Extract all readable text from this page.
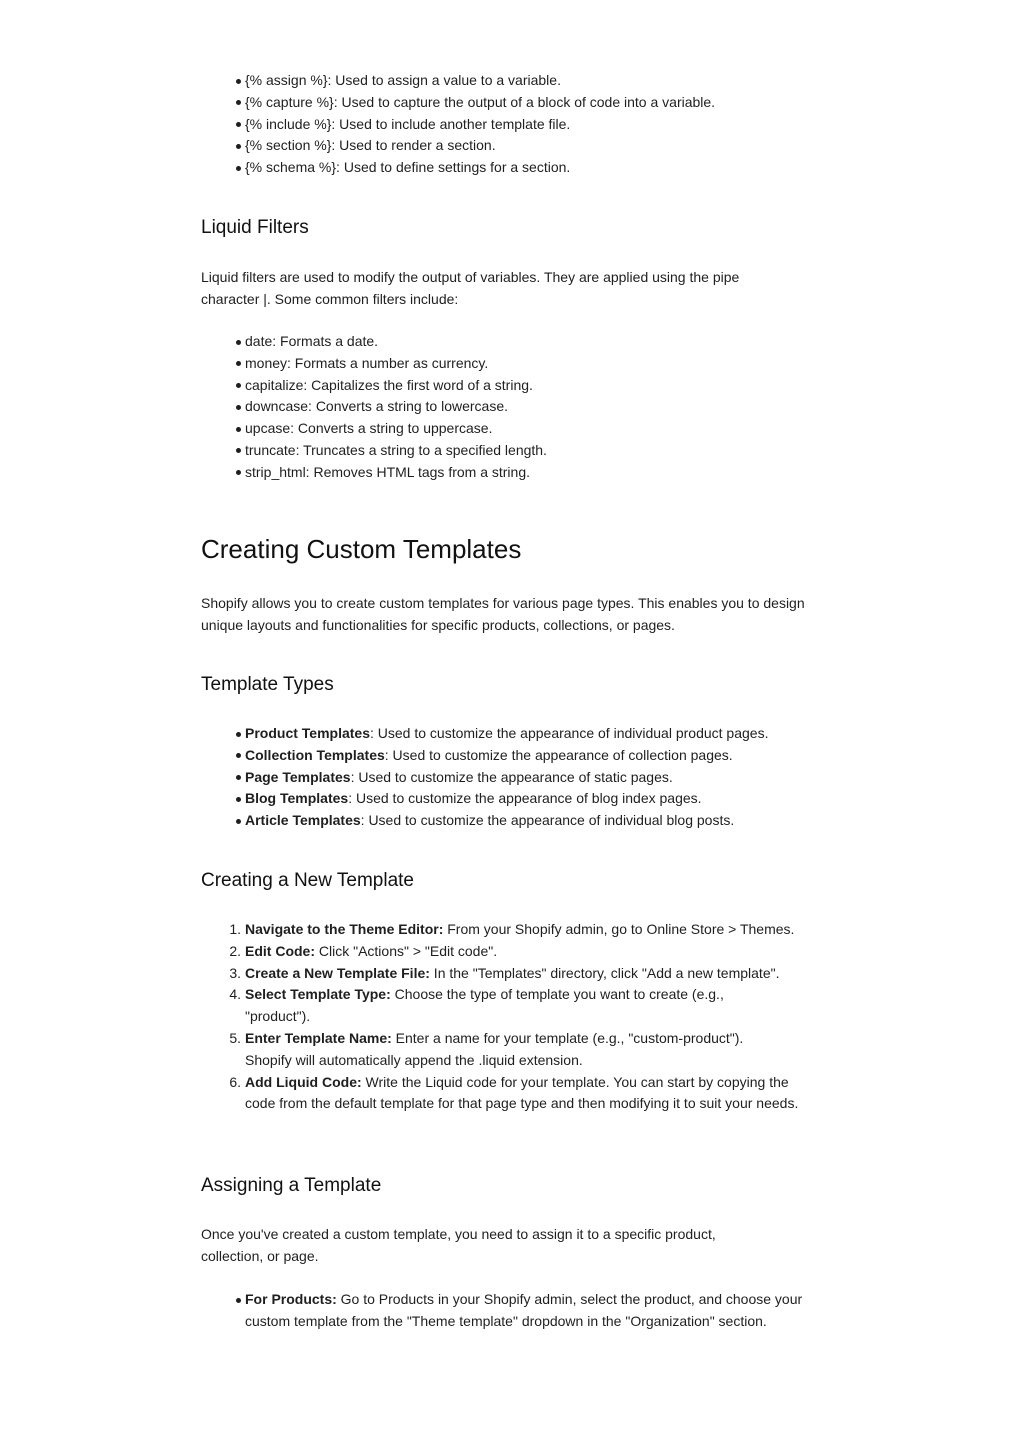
{% assign %}: Used to assign a value to a variable.
{% capture %}: Used to capture the output of a block of code into a variable.
{% include %}: Used to include another template file.
{% section %}: Used to render a section.
{% schema %}: Used to define settings for a section.
Liquid Filters

Liquid filters are used to modify the output of variables. They are applied using the pipe character |. Some common filters include:

date: Formats a date.
money: Formats a number as currency.
capitalize: Capitalizes the first word of a string.
downcase: Converts a string to lowercase.
upcase: Converts a string to uppercase.
truncate: Truncates a string to a specified length.
strip_html: Removes HTML tags from a string.
Creating Custom Templates

Shopify allows you to create custom templates for various page types. This enables you to design unique layouts and functionalities for specific products, collections, or pages.

Template Types
Product Templates: Used to customize the appearance of individual product pages.
Collection Templates: Used to customize the appearance of collection pages.
Page Templates: Used to customize the appearance of static pages.
Blog Templates: Used to customize the appearance of blog index pages.
Article Templates: Used to customize the appearance of individual blog posts.
Creating a New Template
1. Navigate to the Theme Editor: From your Shopify admin, go to Online Store > Themes.
2. Edit Code: Click "Actions" > "Edit code".
3. Create a New Template File: In the "Templates" directory, click "Add a new template".
4. Select Template Type: Choose the type of template you want to create (e.g., "product").
5. Enter Template Name: Enter a name for your template (e.g., "custom-product"). Shopify will automatically append the .liquid extension.
6. Add Liquid Code: Write the Liquid code for your template. You can start by copying the code from the default template for that page type and then modifying it to suit your needs.
Assigning a Template

Once you've created a custom template, you need to assign it to a specific product, collection, or page.

For Products: Go to Products in your Shopify admin, select the product, and choose your custom template from the "Theme template" dropdown in the "Organization" section.
